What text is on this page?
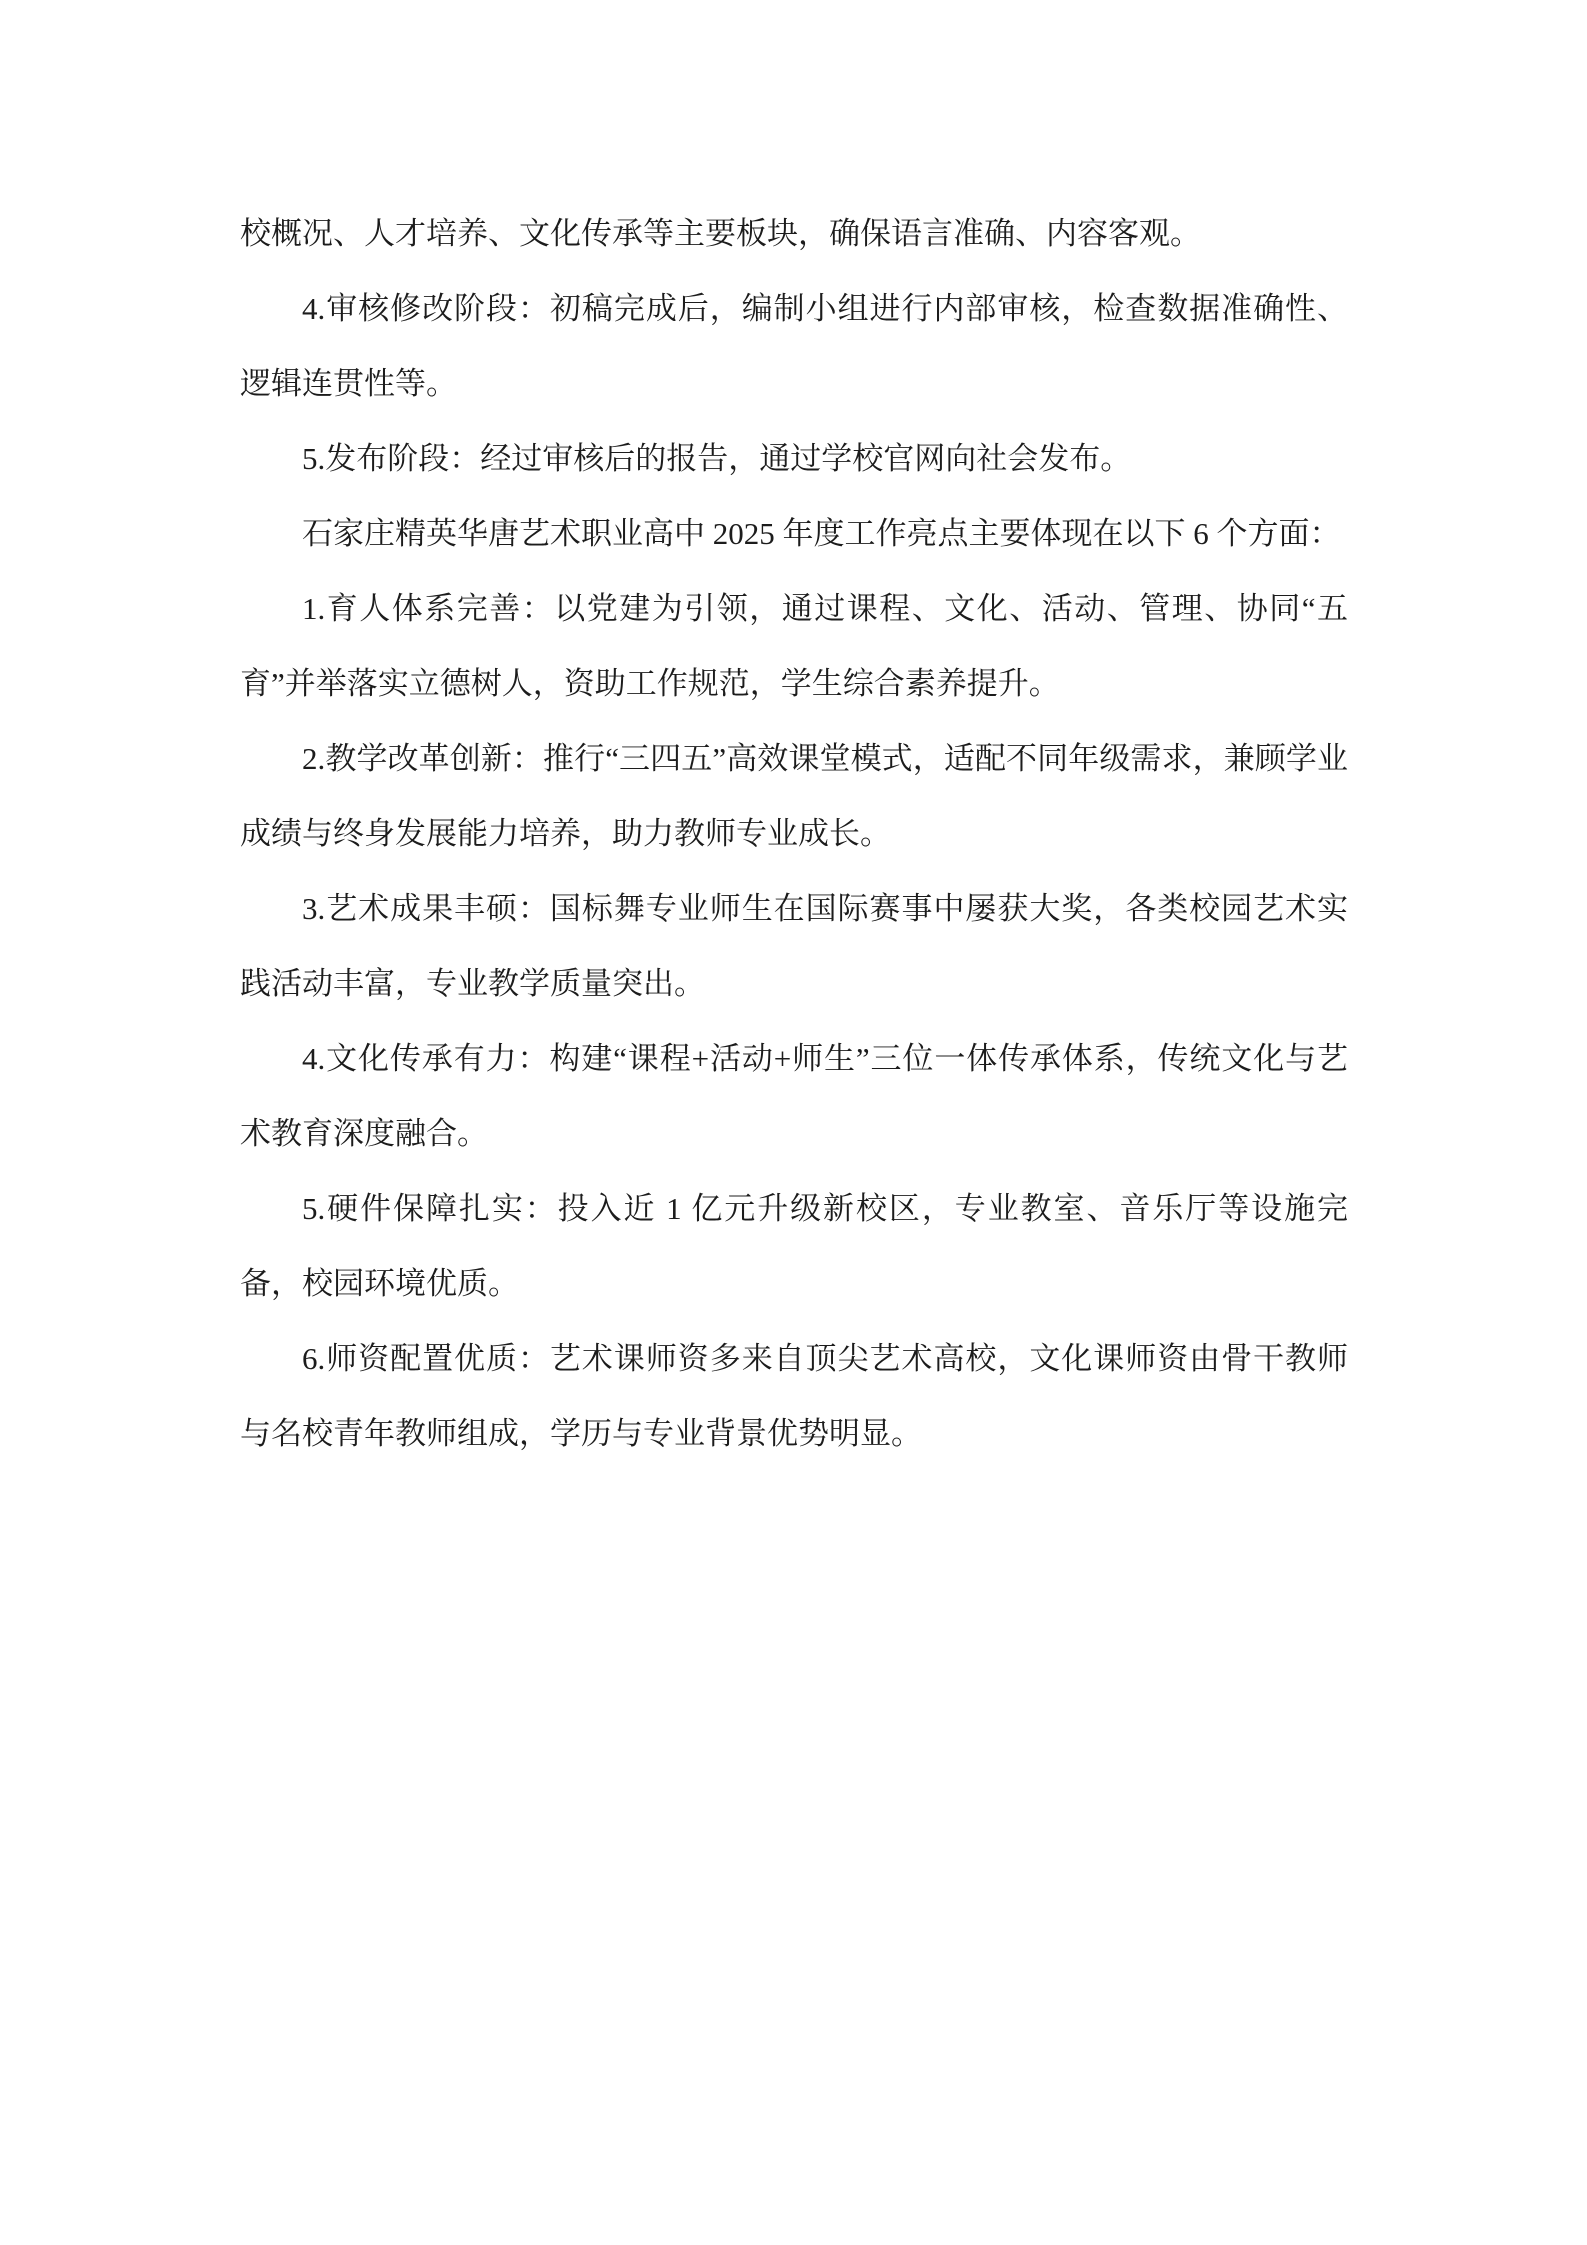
校概况、人才培养、文化传承等主要板块，确保语言准确、内容客观。

4.审核修改阶段：初稿完成后，编制小组进行内部审核，检查数据准确性、逻辑连贯性等。

5.发布阶段：经过审核后的报告，通过学校官网向社会发布。

石家庄精英华唐艺术职业高中 2025 年度工作亮点主要体现在以下 6 个方面：

1.育人体系完善：以党建为引领，通过课程、文化、活动、管理、协同“五育”并举落实立德树人，资助工作规范，学生综合素养提升。

2.教学改革创新：推行“三四五”高效课堂模式，适配不同年级需求，兼顾学业成绩与终身发展能力培养，助力教师专业成长。

3.艺术成果丰硕：国标舞专业师生在国际赛事中屡获大奖，各类校园艺术实践活动丰富，专业教学质量突出。

4.文化传承有力：构建“课程+活动+师生”三位一体传承体系，传统文化与艺术教育深度融合。

5.硬件保障扎实：投入近 1 亿元升级新校区，专业教室、音乐厅等设施完备，校园环境优质。

6.师资配置优质：艺术课师资多来自顶尖艺术高校，文化课师资由骨干教师与名校青年教师组成，学历与专业背景优势明显。
